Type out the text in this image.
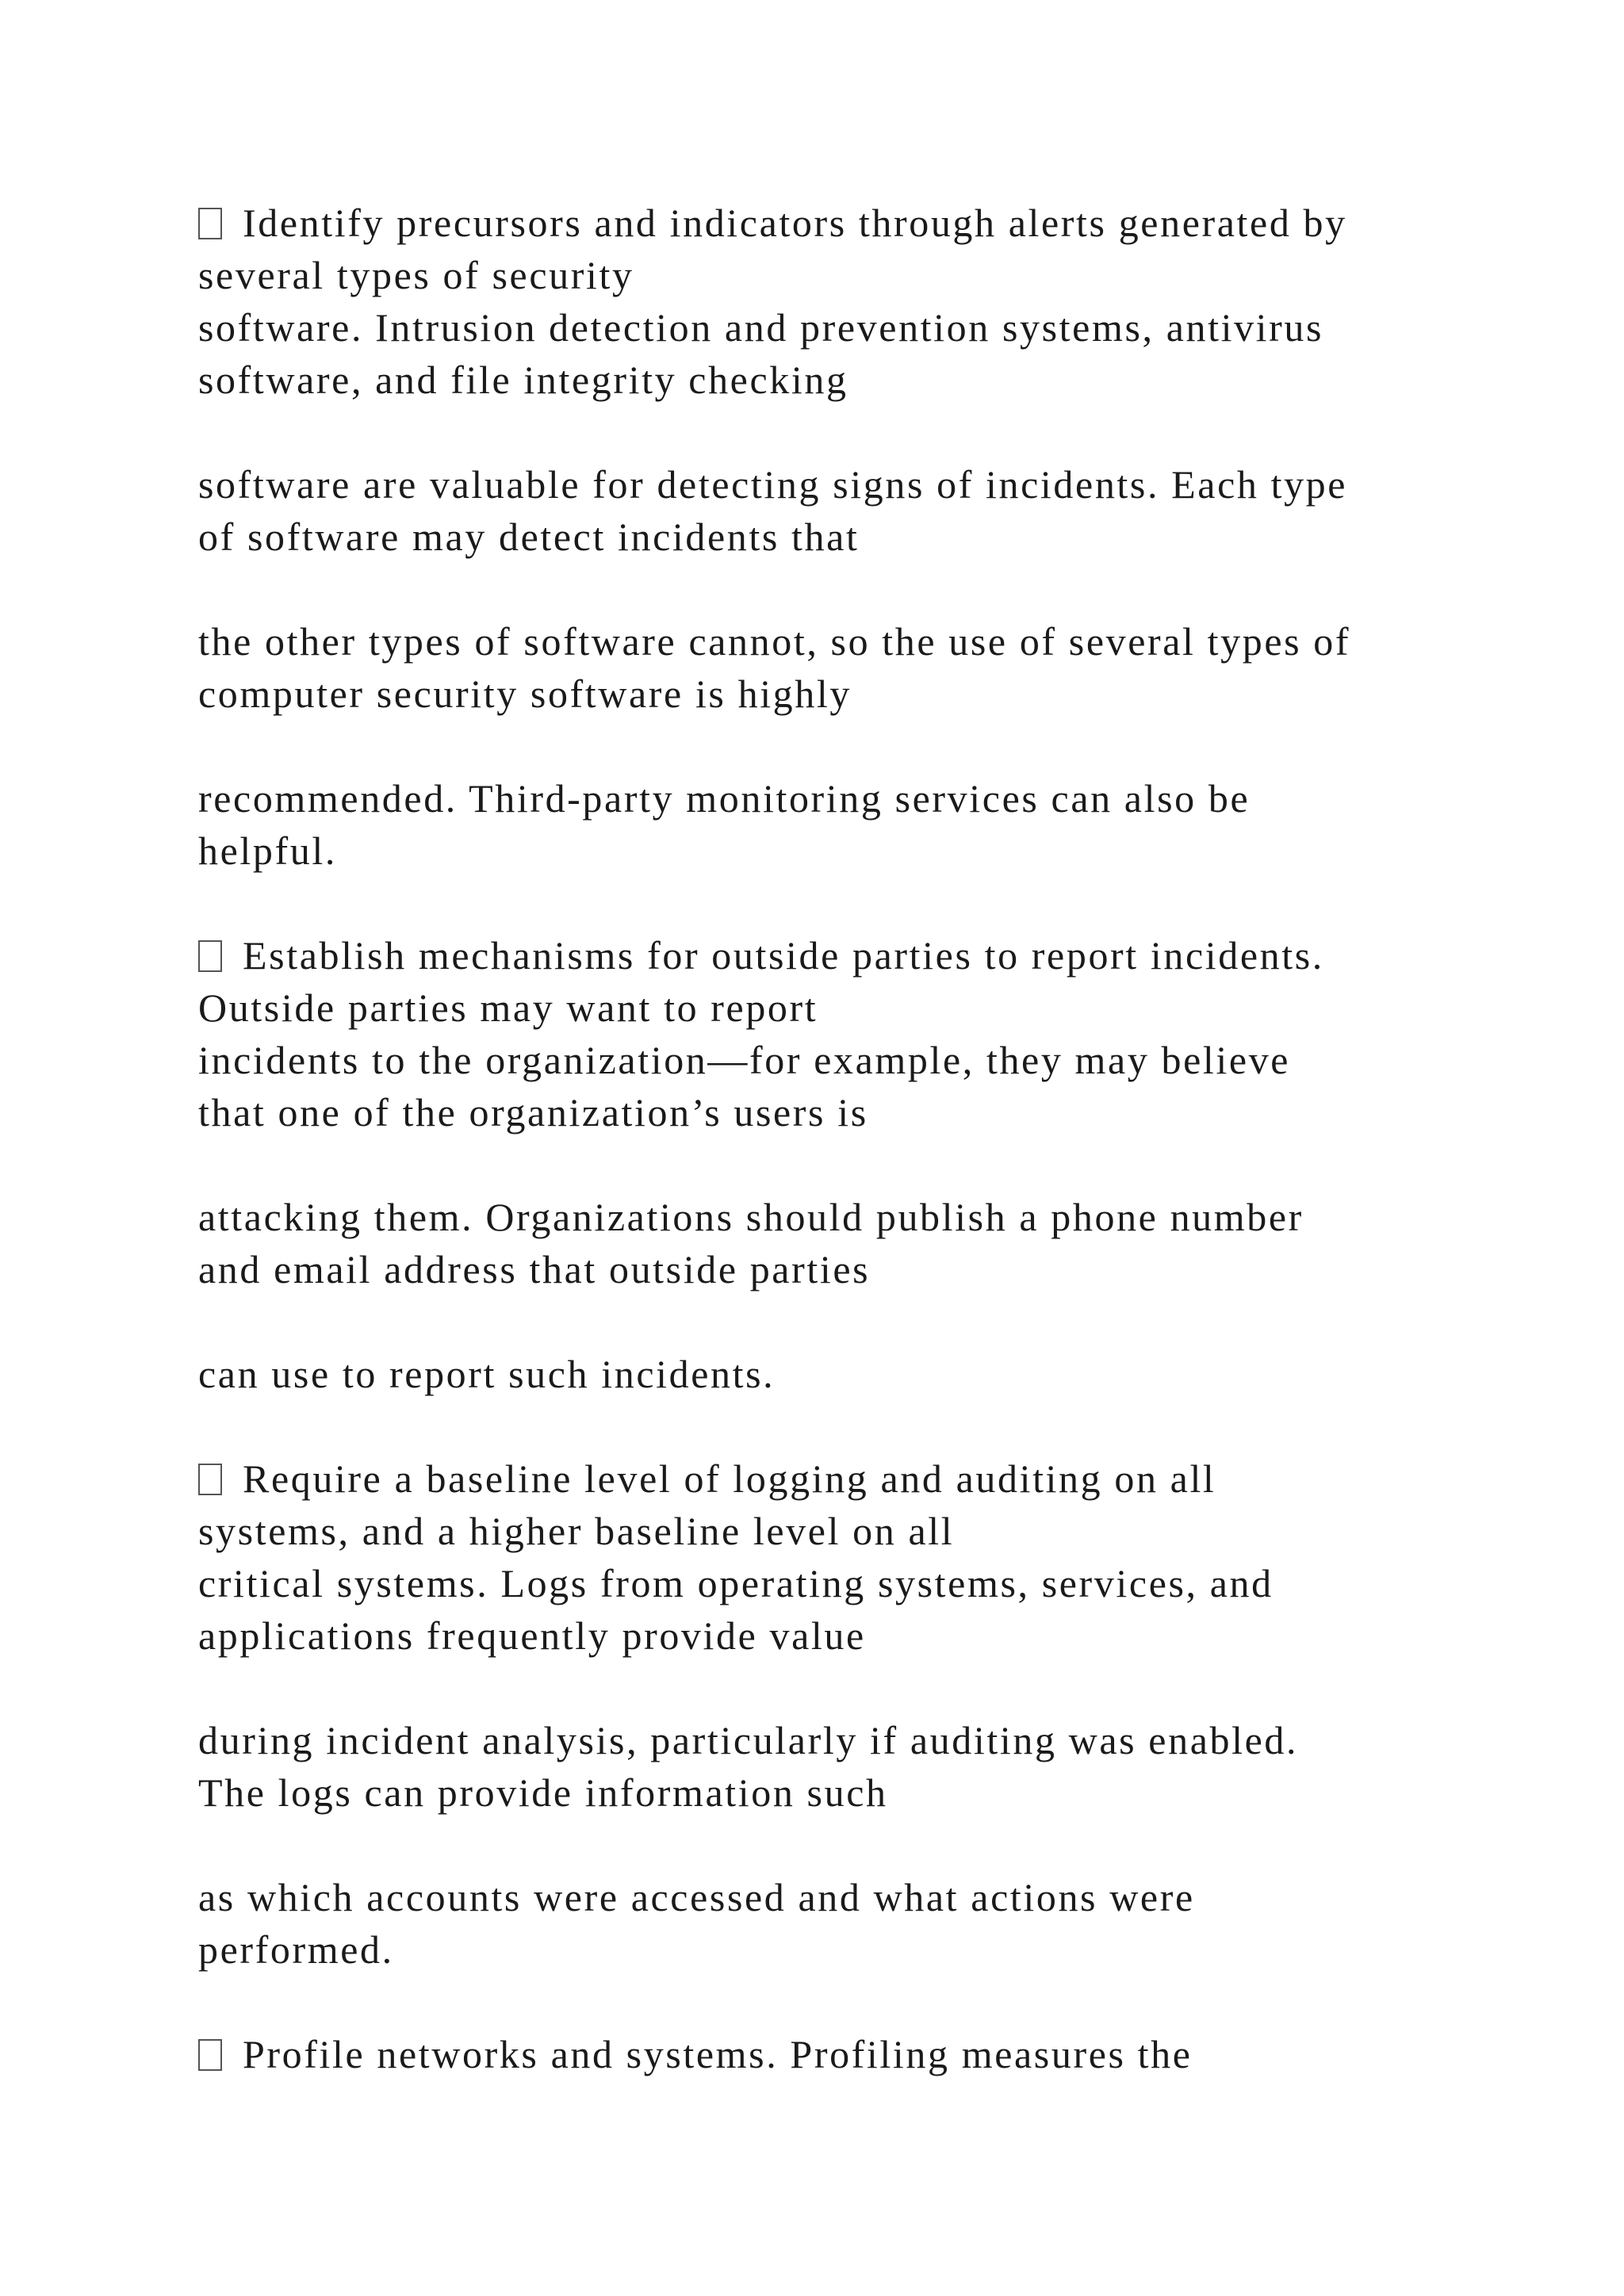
Identify precursors and indicators through alerts generated by

several types of security

software. Intrusion detection and prevention systems, antivirus

software, and file integrity checking

software are valuable for detecting signs of incidents. Each type

of software may detect incidents that

the other types of software cannot, so the use of several types of

computer security software is highly

recommended. Third-party monitoring services can also be

helpful.

Establish mechanisms for outside parties to report incidents.

Outside parties may want to report

incidents to the organization—for example, they may believe

that one of the organization’s users is

attacking them. Organizations should publish a phone number

and email address that outside parties

can use to report such incidents.

Require a baseline level of logging and auditing on all

systems, and a higher baseline level on all

critical systems. Logs from operating systems, services, and

applications frequently provide value

during incident analysis, particularly if auditing was enabled.

The logs can provide information such

as which accounts were accessed and what actions were

performed.

Profile networks and systems. Profiling measures the
